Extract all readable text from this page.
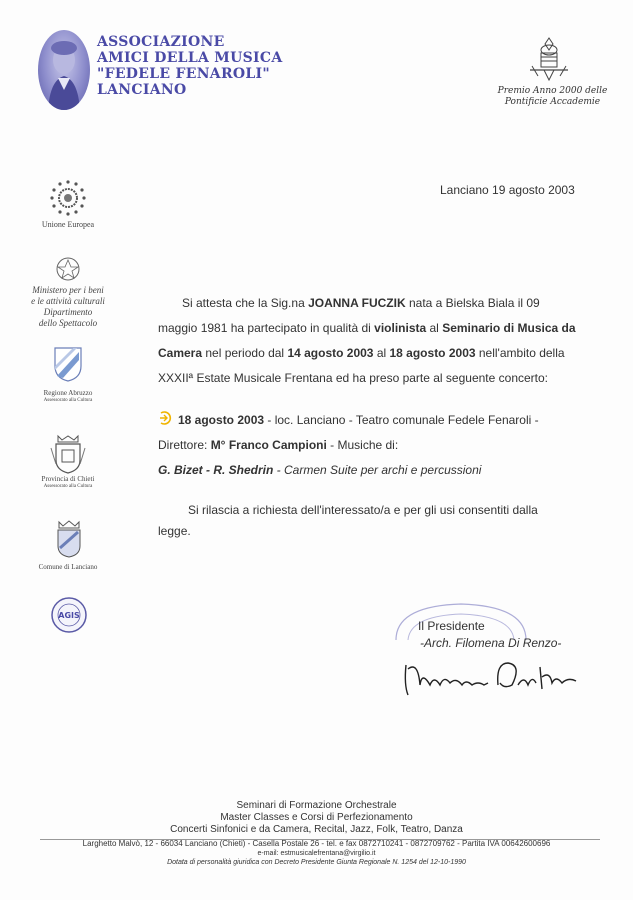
ASSOCIAZIONE
AMICI DELLA MUSICA
"FEDELE FENAROLI"
LANCIANO	Premio Anno 2000 delle
Pontificie Accademie
Unione Europea
Ministero per i beni
e le attività culturali
Dipartimento
dello Spettacolo
Regione Abruzzo
Assessorato alla Cultura
Provincia di Chieti
Assessorato alla Cultura
Comune di Lanciano
AGIS
Lanciano 19 agosto 2003
Si attesta che la Sig.na JOANNA FUCZIK nata a Bielska Biala il 09
maggio 1981 ha partecipato in qualità di violinista al Seminario di Musica da
Camera nel periodo dal 14 agosto 2003 al 18 agosto 2003 nell'ambito della
XXXIIª Estate Musicale Frentana ed ha preso parte al seguente concerto:
18 agosto 2003 - loc. Lanciano - Teatro comunale Fedele Fenaroli -
Direttore: M° Franco Campioni - Musiche di:
G. Bizet - R. Shedrin - Carmen Suite per archi e percussioni
Si rilascia a richiesta dell'interessato/a e per gli usi consentiti dalla
legge.
Il Presidente
-Arch. Filomena Di Renzo-
Seminari di Formazione Orchestrale
Master Classes e Corsi di Perfezionamento
Concerti Sinfonici e da Camera, Recital, Jazz, Folk, Teatro, Danza
Larghetto Malvò, 12 - 66034 Lanciano (Chieti) - Casella Postale 26 - tel. e fax 0872710241 - 0872709762 - Partita IVA 00642600696
e-mail: estmusicalefrentana@virgilio.it
Dotata di personalità giuridica con Decreto Presidente Giunta Regionale N. 1254 del 12-10-1990
